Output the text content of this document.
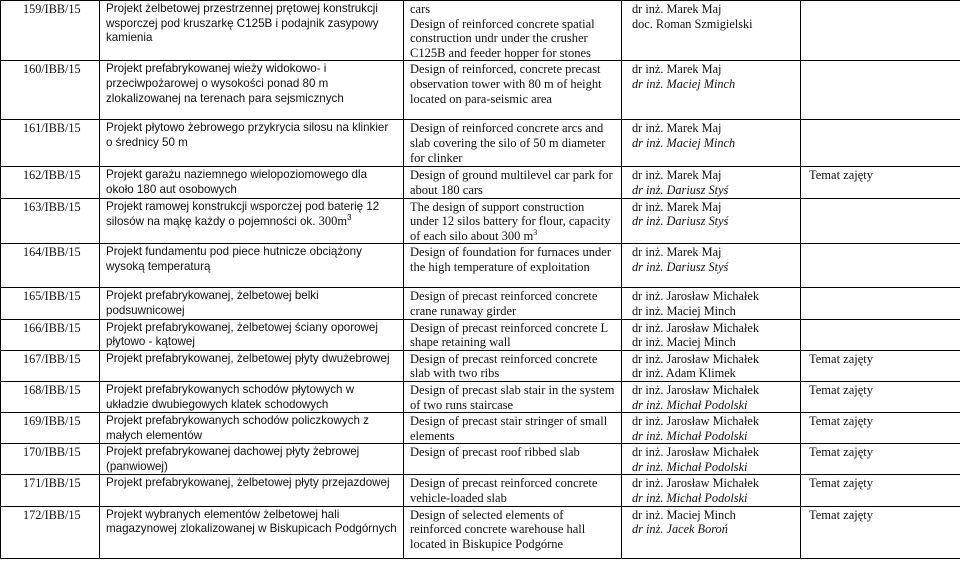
159/IBB/15	Projekt żelbetowej przestrzennej prętowej konstrukcji wsporczej pod kruszarkę C125B i podajnik zasypowy kamienia	cars
Design of reinforced concrete spatial construction undr under the crusher C125B and feeder hopper for stones	dr inż. Marek Maj
doc. Roman Szmigielski	

160/IBB/15	Projekt prefabrykowanej wieży widokowo- i przeciwpożarowej o wysokości ponad 80 m zlokalizowanej na terenach para sejsmicznych	Design of reinforced, concrete precast observation tower with 80 m of height located on para-seismic area	dr inż. Marek Maj
dr inż. Maciej Minch	

161/IBB/15	Projekt płytowo żebrowego przykrycia silosu na klinkier o średnicy 50 m	Design of reinforced concrete arcs and slab covering the silo of 50 m diameter for clinker	dr inż. Marek Maj
dr inż. Maciej Minch	

162/IBB/15	Projekt garażu naziemnego wielopoziomowego dla około 180 aut osobowych	Design of ground multilevel car park for about 180 cars	dr inż. Marek Maj
dr inż. Dariusz Styś	Temat zajęty
163/IBB/15	Projekt ramowej konstrukcji wsporczej pod baterię 12 silosów na mąkę każdy o pojemności ok. $300m^3$	The design of support construction under 12 silos battery for flour, capacity of each silo about 300 $m^3$	dr inż. Marek Maj
dr inż. Dariusz Styś	

164/IBB/15	Projekt fundamentu pod piece hutnicze obciążony wysoką temperaturą	Design of foundation for furnaces under the high temperature of exploitation	dr inż. Marek Maj
dr inż. Dariusz Styś	

165/IBB/15	Projekt prefabrykowanej, żelbetowej belki podsuwnicowej	Design of precast reinforced concrete crane runaway girder	dr inż. Jarosław Michałek
dr inż. Maciej Minch	

166/IBB/15	Projekt prefabrykowanej, żelbetowej ściany oporowej płytowo - kątowej	Design of precast reinforced concrete L shape retaining wall	dr inż. Jarosław Michałek
dr inż. Maciej Minch	

167/IBB/15	Projekt prefabrykowanej, żelbetowej płyty dwużebrowej	Design of precast reinforced concrete slab with two ribs	dr inż. Jarosław Michałek
dr inż. Adam Klimek	Temat zajęty
168/IBB/15	Projekt prefabrykowanych schodów płytowych w układzie dwubiegowych klatek schodowych	Design of precast slab stair in the system of two runs staircase	dr inż. Jarosław Michałek
dr inż. Michał Podolski	Temat zajęty
169/IBB/15	Projekt prefabrykowanych schodów policzkowych z małych elementów	Design of precast stair stringer of small elements	dr inż. Jarosław Michałek
dr inż. Michał Podolski	Temat zajęty
170/IBB/15	Projekt prefabrykowanej dachowej płyty żebrowej (panwiowej)	Design of precast roof ribbed slab	dr inż. Jarosław Michałek
dr inż. Michał Podolski	Temat zajęty
171/IBB/15	Projekt prefabrykowanej, żelbetowej płyty przejazdowej	Design of precast reinforced concrete vehicle-loaded slab	dr inż. Jarosław Michałek
dr inż. Michał Podolski	Temat zajęty
172/IBB/15	Projekt wybranych elementów żelbetowej hali magazynowej zlokalizowanej w Biskupicach Podgórnych	Design of selected elements of reinforced concrete warehouse hall located in Biskupice Podgórne	dr inż. Maciej Minch
dr inż. Jacek Boroń	Temat zajęty
